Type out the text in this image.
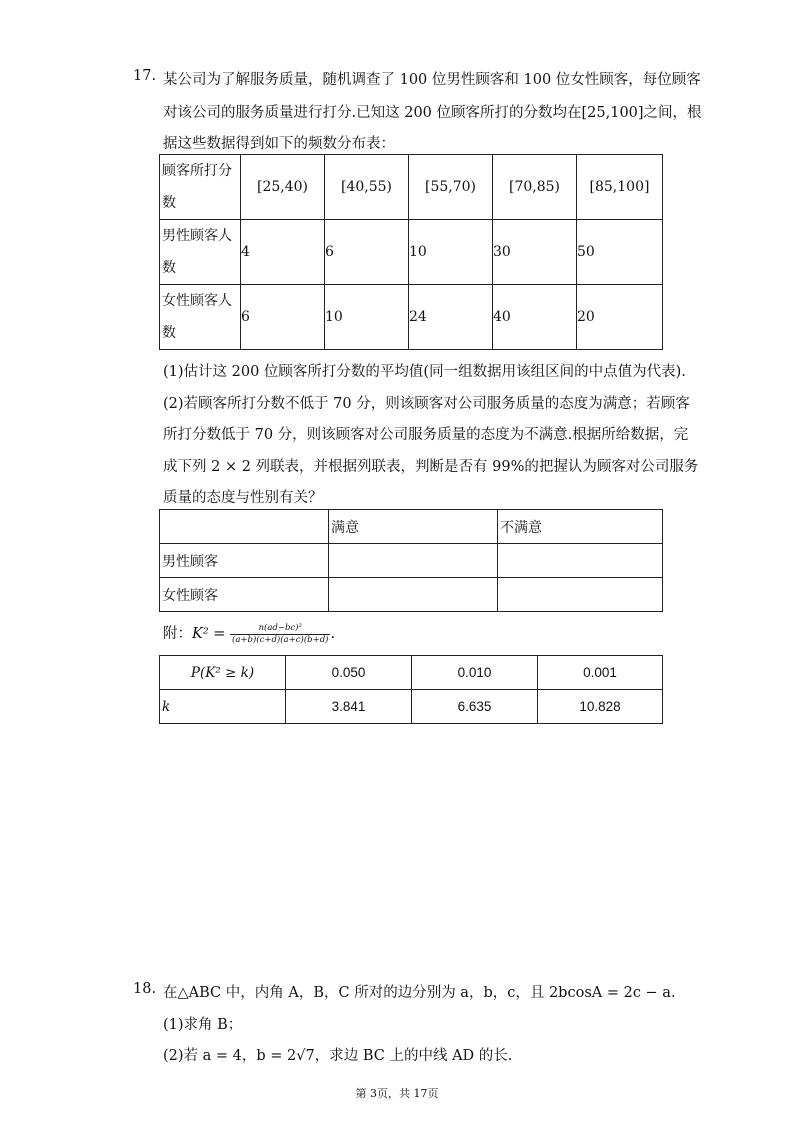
17. 某公司为了解服务质量，随机调查了 100 位男性顾客和 100 位女性顾客，每位顾客
对该公司的服务质量进行打分.已知这 200 位顾客所打的分数均在[25,100]之间，根
据这些数据得到如下的频数分布表：
顾客所打分
数	[25,40)	[40,55)	[55,70)	[70,85)	[85,100]

男性顾客人
数	4	6	10	30	50

女性顾客人
数	6	10	24	40	20
(1)估计这 200 位顾客所打分数的平均值(同一组数据用该组区间的中点值为代表).
(2)若顾客所打分数不低于 70 分，则该顾客对公司服务质量的态度为满意；若顾客
所打分数低于 70 分，则该顾客对公司服务质量的态度为不满意.根据所给数据，完
成下列 2 × 2 列联表，并根据列联表，判断是否有 99%的把握认为顾客对公司服务
质量的态度与性别有关？
	满意	不满意
男性顾客		
女性顾客		
附：$K^2 = \frac{\text{n(ad−bc)²}}{(a+b)(c+d)(a+c)(b+d)}$ .
P(K² ≥ k)	0.050	0.010	0.001
k	3.841	6.635	10.828
18. 在△ABC 中，内角 A，B，C 所对的边分别为 a，b，c，且 2bcosA = 2c − a.
(1)求角 B；
(2)若 a = 4，b = 2√7，求边 BC 上的中线 AD 的长.
第 3页，共 17页
